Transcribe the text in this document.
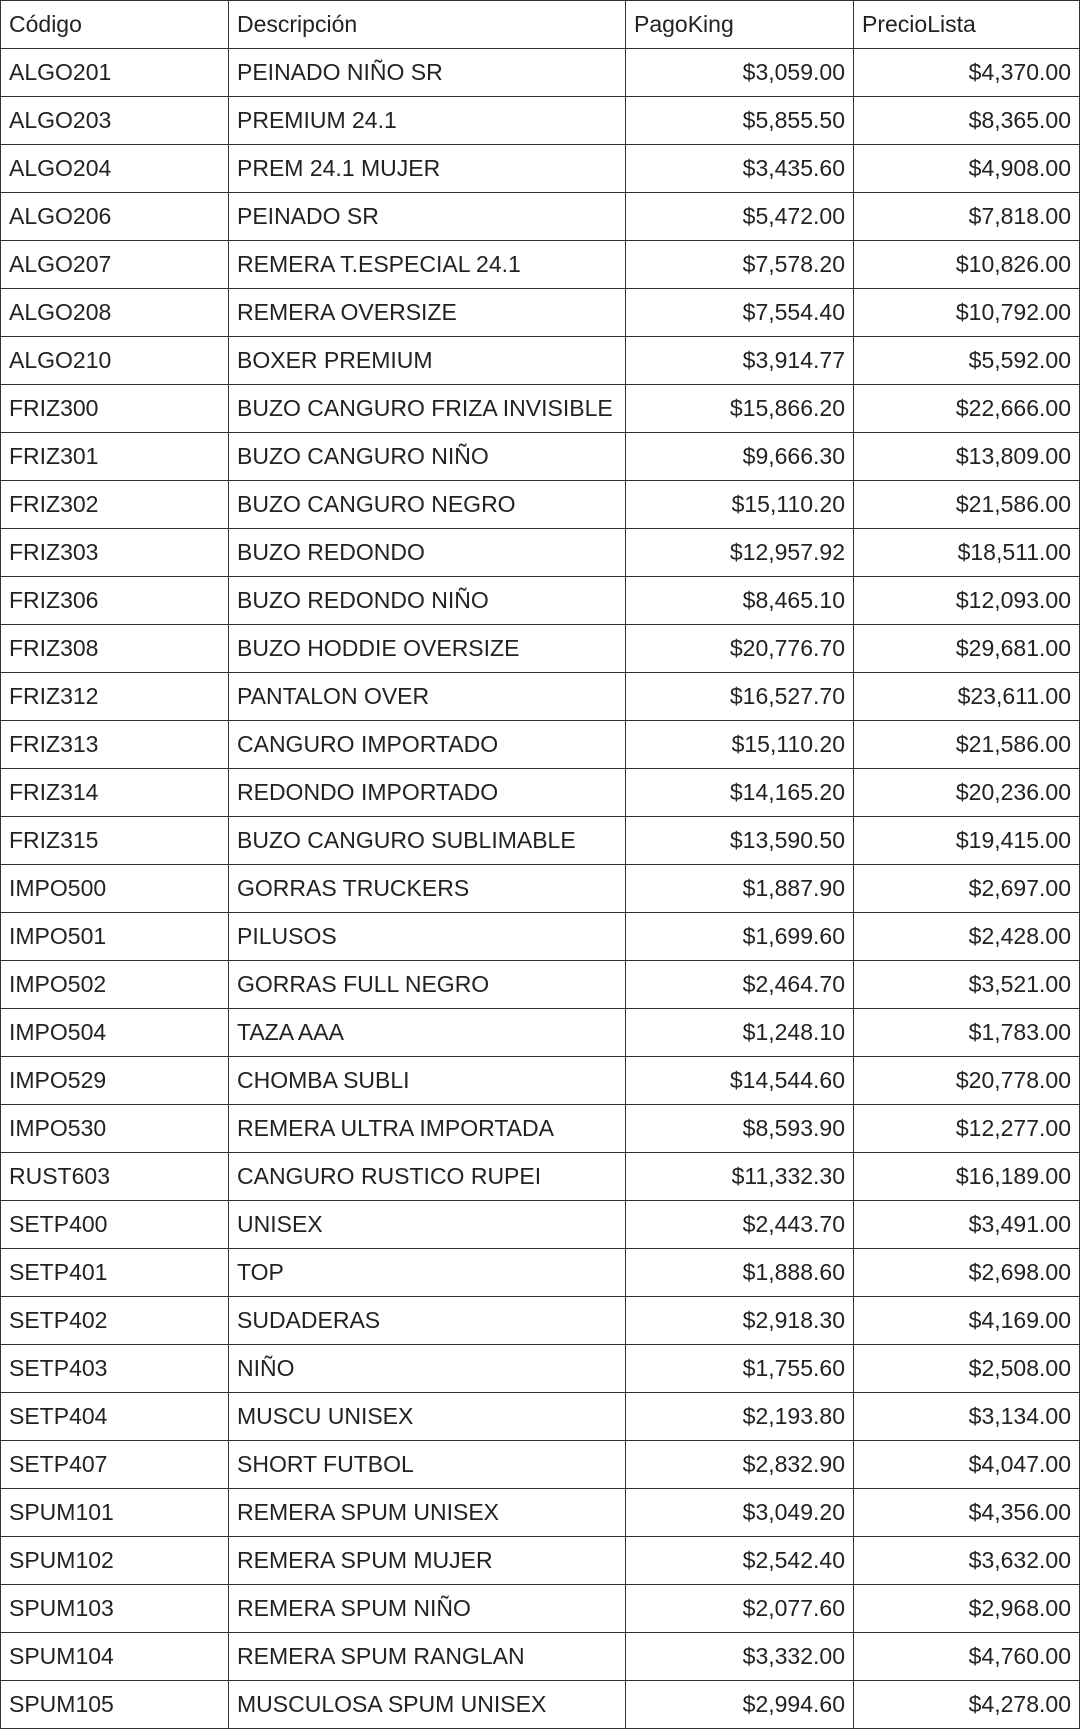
Código	Descripción	PagoKing	PrecioLista
ALGO201	PEINADO NIÑO SR	$3,059.00	$4,370.00
ALGO203	PREMIUM 24.1	$5,855.50	$8,365.00
ALGO204	PREM 24.1 MUJER	$3,435.60	$4,908.00
ALGO206	PEINADO SR	$5,472.00	$7,818.00
ALGO207	REMERA T.ESPECIAL 24.1	$7,578.20	$10,826.00
ALGO208	REMERA OVERSIZE	$7,554.40	$10,792.00
ALGO210	BOXER PREMIUM	$3,914.77	$5,592.00
FRIZ300	BUZO CANGURO FRIZA INVISIBLE	$15,866.20	$22,666.00
FRIZ301	BUZO CANGURO NIÑO	$9,666.30	$13,809.00
FRIZ302	BUZO CANGURO NEGRO	$15,110.20	$21,586.00
FRIZ303	BUZO REDONDO	$12,957.92	$18,511.00
FRIZ306	BUZO REDONDO NIÑO	$8,465.10	$12,093.00
FRIZ308	BUZO HODDIE OVERSIZE	$20,776.70	$29,681.00
FRIZ312	PANTALON OVER	$16,527.70	$23,611.00
FRIZ313	CANGURO IMPORTADO	$15,110.20	$21,586.00
FRIZ314	REDONDO IMPORTADO	$14,165.20	$20,236.00
FRIZ315	BUZO CANGURO SUBLIMABLE	$13,590.50	$19,415.00
IMPO500	GORRAS TRUCKERS	$1,887.90	$2,697.00
IMPO501	PILUSOS	$1,699.60	$2,428.00
IMPO502	GORRAS FULL NEGRO	$2,464.70	$3,521.00
IMPO504	TAZA AAA	$1,248.10	$1,783.00
IMPO529	CHOMBA SUBLI	$14,544.60	$20,778.00
IMPO530	REMERA ULTRA IMPORTADA	$8,593.90	$12,277.00
RUST603	CANGURO RUSTICO RUPEI	$11,332.30	$16,189.00
SETP400	UNISEX	$2,443.70	$3,491.00
SETP401	TOP	$1,888.60	$2,698.00
SETP402	SUDADERAS	$2,918.30	$4,169.00
SETP403	NIÑO	$1,755.60	$2,508.00
SETP404	MUSCU UNISEX	$2,193.80	$3,134.00
SETP407	SHORT FUTBOL	$2,832.90	$4,047.00
SPUM101	REMERA SPUM UNISEX	$3,049.20	$4,356.00
SPUM102	REMERA SPUM MUJER	$2,542.40	$3,632.00
SPUM103	REMERA SPUM NIÑO	$2,077.60	$2,968.00
SPUM104	REMERA SPUM RANGLAN	$3,332.00	$4,760.00
SPUM105	MUSCULOSA SPUM UNISEX	$2,994.60	$4,278.00
